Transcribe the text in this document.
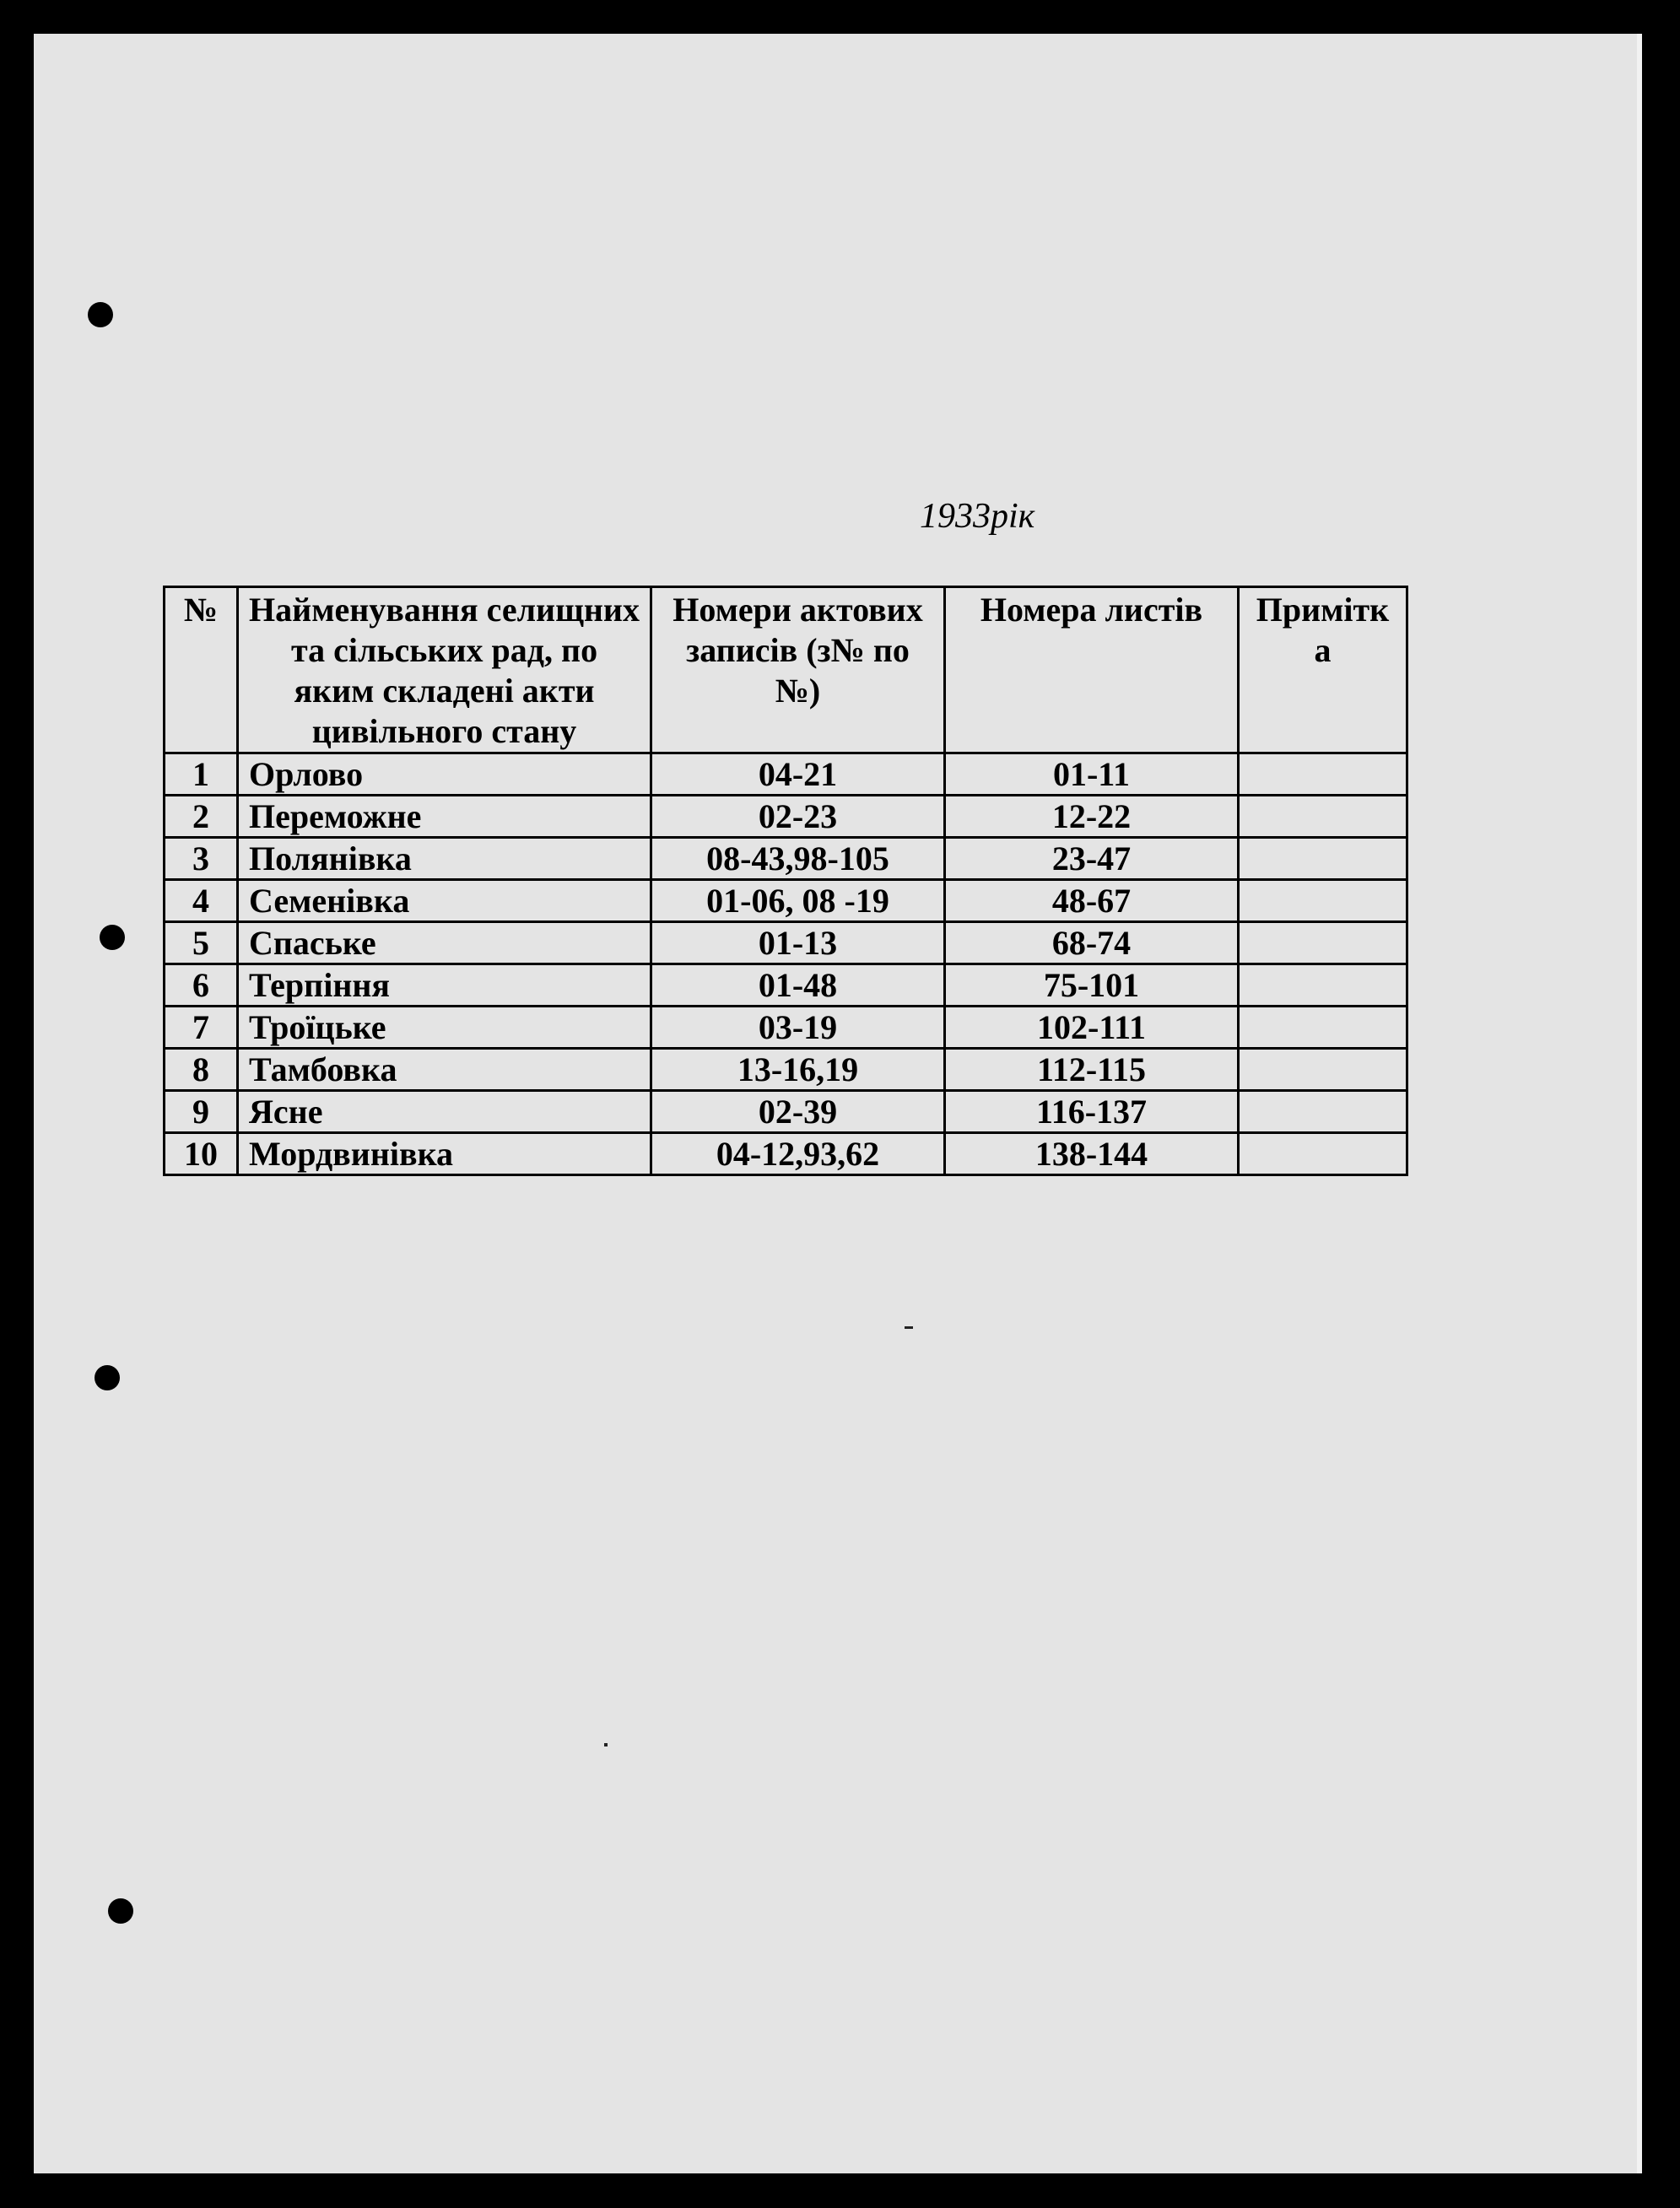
1933рік
№	Найменування селищних та сільських рад, по яким складені акти цивільного стану	Номери актових записів (з№ по №)	Номера листів	Примітка
1	Орлово	04-21	01-11	
2	Переможне	02-23	12-22	
3	Полянівка	08-43,98-105	23-47	
4	Семенівка	01-06, 08 -19	48-67	
5	Спаське	01-13	68-74	
6	Терпіння	01-48	75-101	
7	Троїцьке	03-19	102-111	
8	Тамбовка	13-16,19	112-115	
9	Ясне	02-39	116-137	
10	Мордвинівка	04-12,93,62	138-144	
